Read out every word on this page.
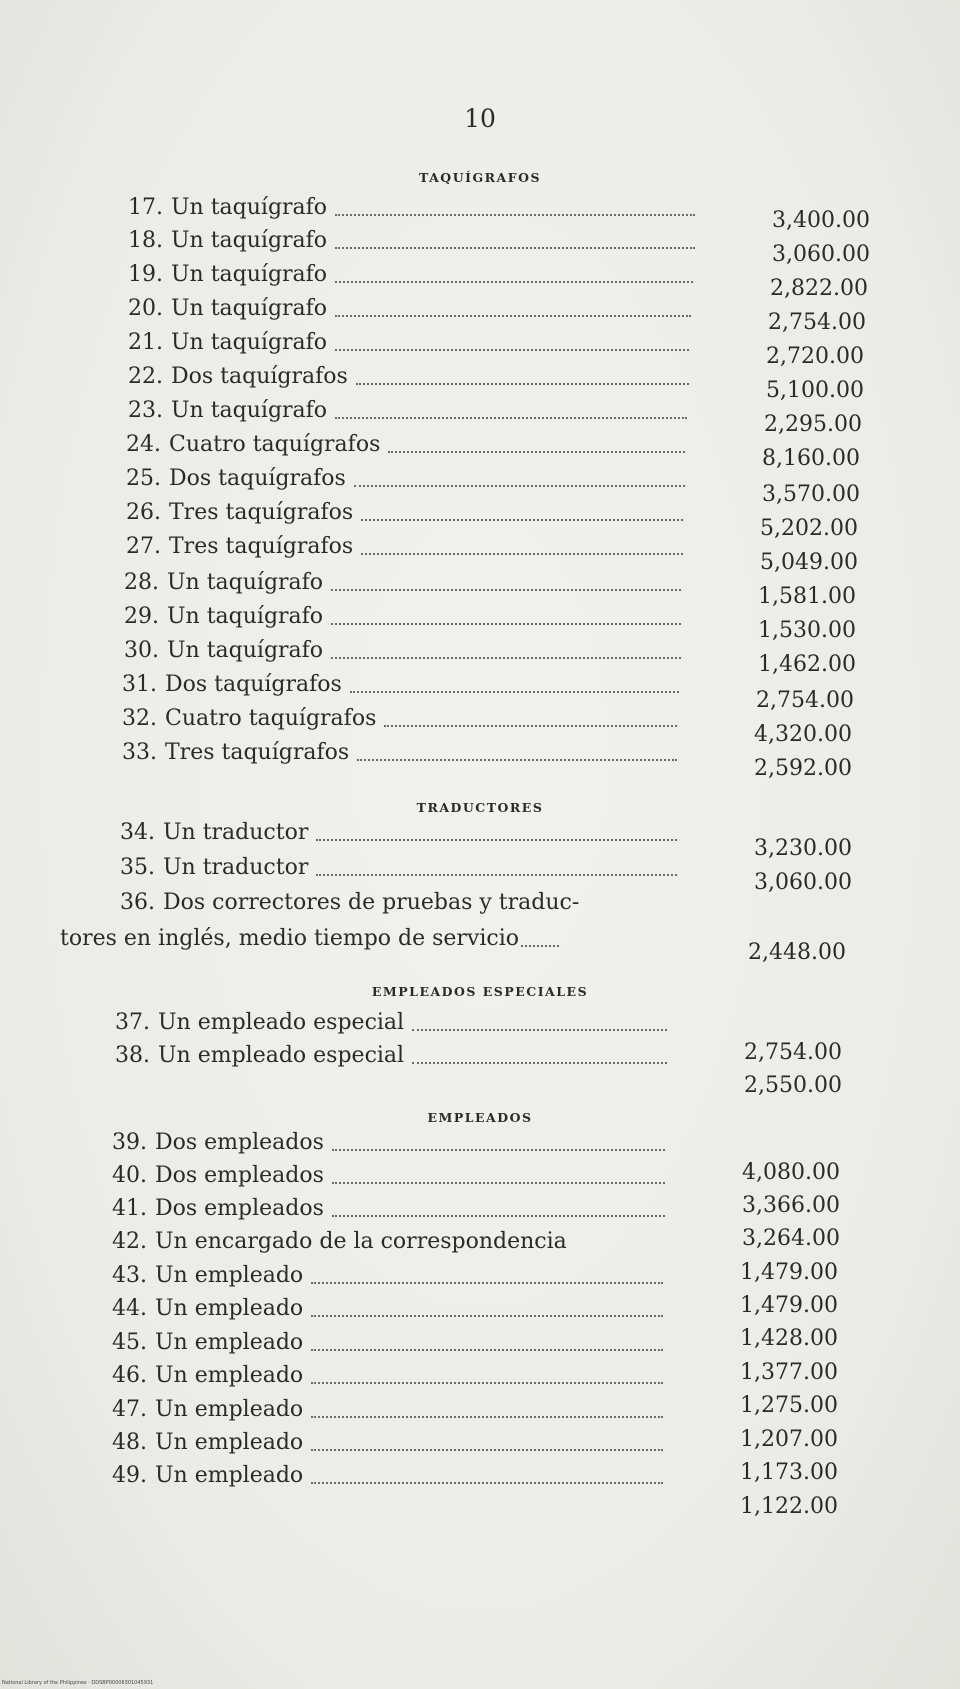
10
TAQUÍGRAFOS
TRADUCTORES
EMPLEADOS ESPECIALES
EMPLEADOS
17. Un taquígrafo
3,400.00
18. Un taquígrafo
3,060.00
19. Un taquígrafo
2,822.00
20. Un taquígrafo
2,754.00
21. Un taquígrafo
2,720.00
22. Dos taquígrafos
5,100.00
23. Un taquígrafo
2,295.00
24. Cuatro taquígrafos
8,160.00
25. Dos taquígrafos
3,570.00
26. Tres taquígrafos
5,202.00
27. Tres taquígrafos
5,049.00
28. Un taquígrafo
1,581.00
29. Un taquígrafo
1,530.00
30. Un taquígrafo
1,462.00
31. Dos taquígrafos
2,754.00
32. Cuatro taquígrafos
4,320.00
33. Tres taquígrafos
2,592.00
34. Un traductor
3,230.00
35. Un traductor
3,060.00
36. Dos correctores de pruebas y traduc-
tores en inglés, medio tiempo de servicio
2,448.00
37. Un empleado especial
2,754.00
38. Un empleado especial
2,550.00
39. Dos empleados
4,080.00
40. Dos empleados
3,366.00
41. Dos empleados
3,264.00
42. Un encargado de la correspondencia
1,479.00
43. Un empleado
1,479.00
44. Un empleado
1,428.00
45. Un empleado
1,377.00
46. Un empleado
1,275.00
47. Un empleado
1,207.00
48. Un empleado
1,173.00
49. Un empleado
1,122.00
National Library of the Philippines · DDSBP00006301045931
